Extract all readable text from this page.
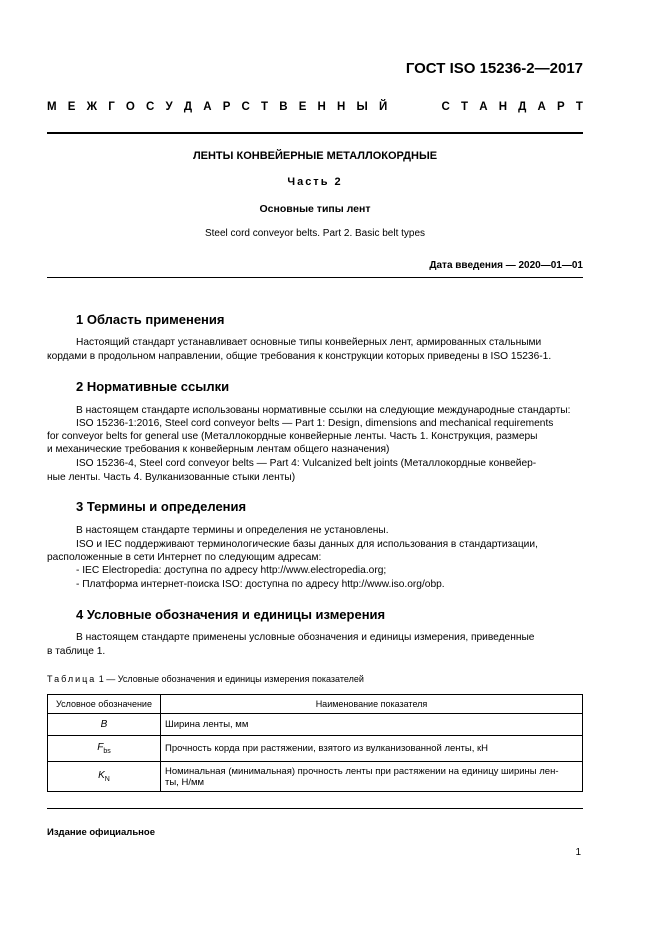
ГОСТ ISO 15236-2—2017
М Е Ж Г О С У Д А Р С Т В Е Н Н Ы Й

	С Т А Н Д А Р Т
ЛЕНТЫ КОНВЕЙЕРНЫЕ МЕТАЛЛОКОРДНЫЕ
Часть 2
Основные типы лент
Steel cord conveyor belts. Part 2. Basic belt types
Дата введения — 2020—01—01
1 Область применения
Настоящий стандарт устанавливает основные типы конвейерных лент, армированных стальными
кордами в продольном направлении, общие требования к конструкции которых приведены в ISO 15236-1.
2 Нормативные ссылки
В настоящем стандарте использованы нормативные ссылки на следующие международные стандарты:
ISO 15236-1:2016, Steel cord conveyor belts — Part 1: Design, dimensions and mechanical requirements
for conveyor belts for general use (Металлокордные конвейерные ленты. Часть 1. Конструкция, размеры
и механические требования к конвейерным лентам общего назначения)
ISO 15236-4, Steel cord conveyor belts — Part 4: Vulcanized belt joints (Металлокордные конвейер-
ные ленты. Часть 4. Вулканизованные стыки ленты)
3 Термины и определения
В настоящем стандарте термины и определения не установлены.
ISO и IEC поддерживают терминологические базы данных для использования в стандартизации,
расположенные в сети Интернет по следующим адресам:
- IEC Electropedia: доступна по адресу http://www.electropedia.org;
- Платформа интернет-поиска ISO: доступна по адресу http://www.iso.org/obp.
4 Условные обозначения и единицы измерения
В настоящем стандарте применены условные обозначения и единицы измерения, приведенные
в таблице 1.
Таблица 1 — Условные обозначения и единицы измерения показателей
Условное обозначение	Наименование показателя
B	Ширина ленты, мм
$F_{bs}$	Прочность корда при растяжении, взятого из вулканизованной ленты, кН
$K_N$	Номинальная (минимальная) прочность ленты при растяжении на единицу ширины лен-
ты, Н/мм
Издание официальное
1
